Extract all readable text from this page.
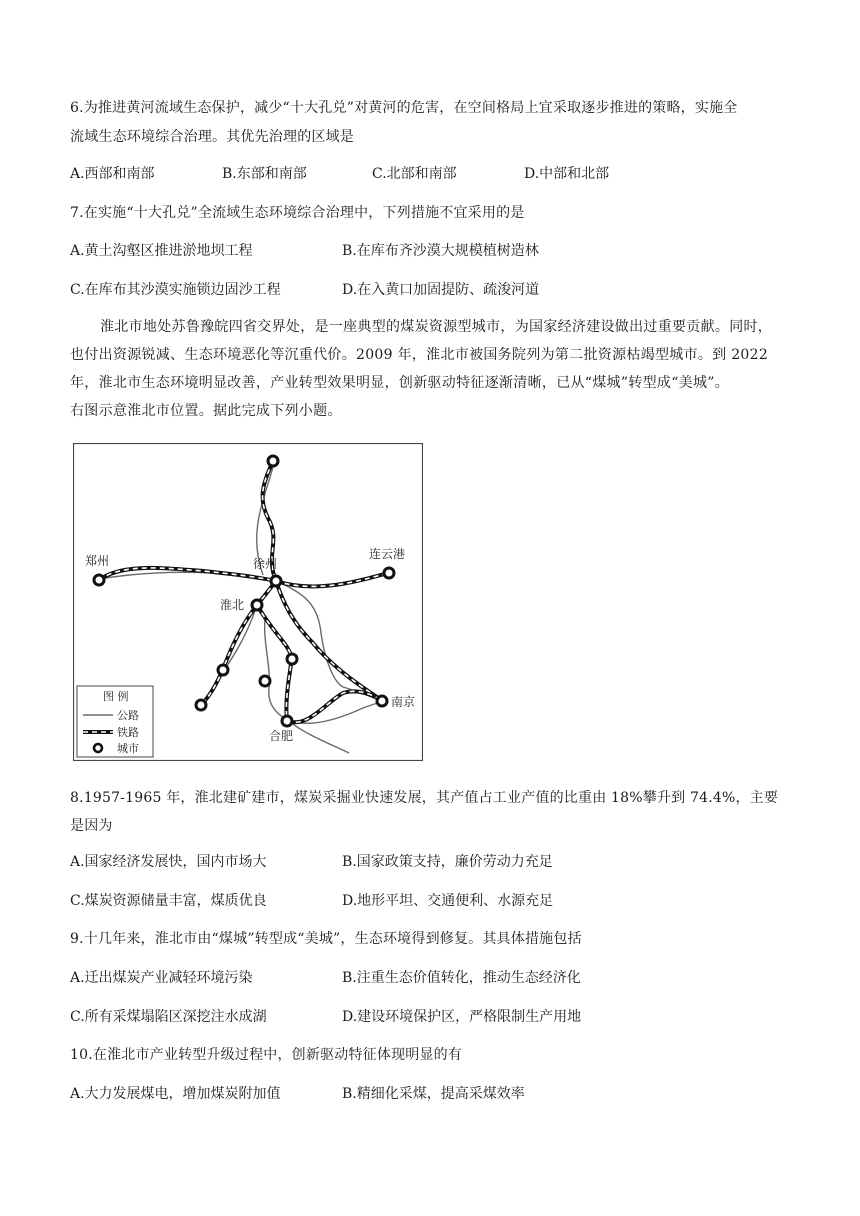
6.为推进黄河流域生态保护，减少“十大孔兑”对黄河的危害，在空间格局上宜采取逐步推进的策略，实施全
流域生态环境综合治理。其优先治理的区域是
A.西部和南部	B.东部和南部	C.北部和南部	D.中部和北部
7.在实施“十大孔兑”全流域生态环境综合治理中，下列措施不宜采用的是
A.黄土沟壑区推进淤地坝工程	B.在库布齐沙漠大规模植树造林
C.在库布其沙漠实施锁边固沙工程	D.在入黄口加固提防、疏浚河道
淮北市地处苏鲁豫皖四省交界处，是一座典型的煤炭资源型城市，为国家经济建设做出过重要贡献。同时，
也付出资源锐减、生态环境恶化等沉重代价。2009 年，淮北市被国务院列为第二批资源枯竭型城市。到 2022
年，淮北市生态环境明显改善，产业转型效果明显，创新驱动特征逐渐清晰，已从“煤城”转型成“美城”。
右图示意淮北市位置。据此完成下列小题。
郑州	徐州
连云港
淮北
南京
合肥
图 例
公路
铁路
城市
8.1957-1965 年，淮北建矿建市，煤炭采掘业快速发展，其产值占工业产值的比重由 18%攀升到 74.4%，主要
是因为
A.国家经济发展快，国内市场大	B.国家政策支持，廉价劳动力充足
C.煤炭资源储量丰富，煤质优良	D.地形平坦、交通便利、水源充足
9.十几年来，淮北市由“煤城”转型成“美城”，生态环境得到修复。其具体措施包括
A.迁出煤炭产业减轻环境污染	B.注重生态价值转化，推动生态经济化
C.所有采煤塌陷区深挖注水成湖	D.建设环境保护区，严格限制生产用地
10.在淮北市产业转型升级过程中，创新驱动特征体现明显的有
A.大力发展煤电，增加煤炭附加值	B.精细化采煤，提高采煤效率
